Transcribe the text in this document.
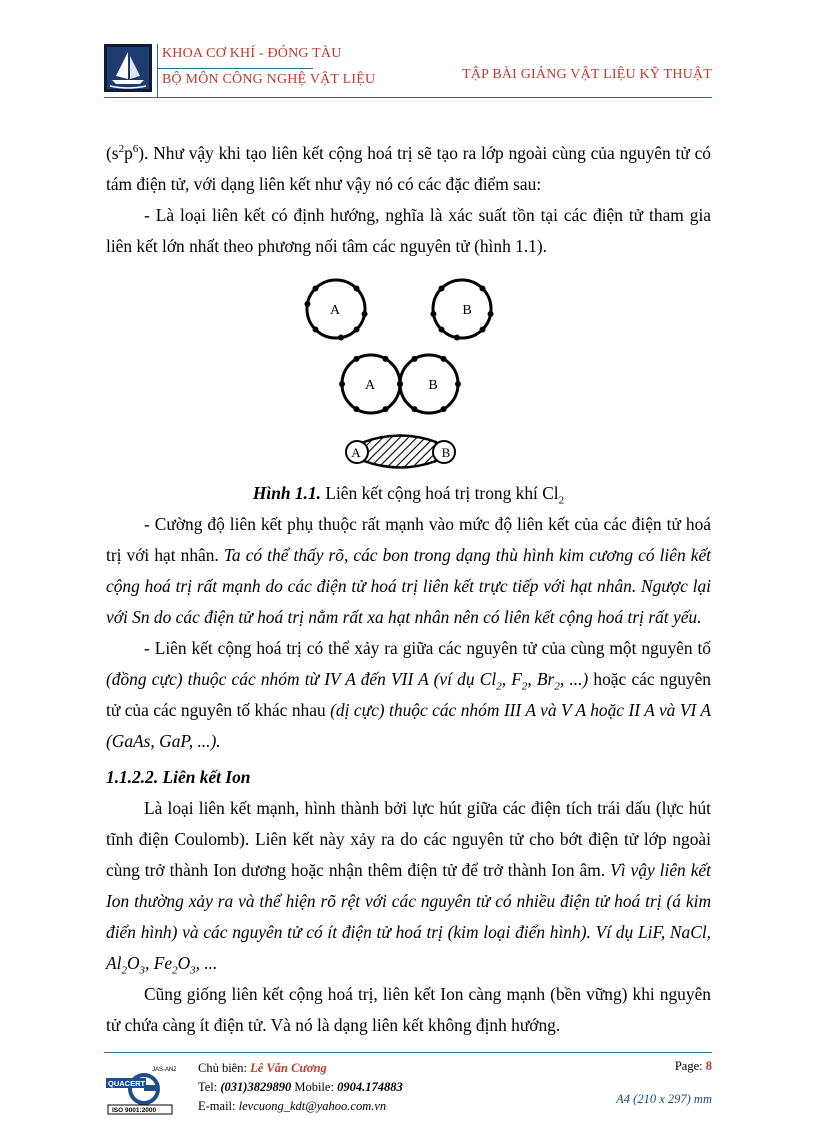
KHOA CƠ KHÍ - ĐÓNG TÀU
BỘ MÔN CÔNG NGHỆ VẬT LIỆU	TẬP BÀI GIẢNG VẬT LIỆU KỸ THUẬT

$(s^2p^6)$. Như vậy khi tạo liên kết cộng hoá trị sẽ tạo ra lớp ngoài cùng của nguyên tử có tám điện tử, với dạng liên kết như vậy nó có các đặc điểm sau:

- Là loại liên kết có định hướng, nghĩa là xác suất tồn tại các điện tử tham gia liên kết lớn nhất theo phương nối tâm các nguyên tử (hình 1.1).

A	B
A	B
A	B
Hình 1.1. Liên kết cộng hoá trị trong khí $Cl_2$

- Cường độ liên kết phụ thuộc rất mạnh vào mức độ liên kết của các điện tử hoá trị với hạt nhân. Ta có thể thấy rõ, các bon trong dạng thù hình kim cương có liên kết cộng hoá trị rất mạnh do các điện tử hoá trị liên kết trực tiếp với hạt nhân. Ngược lại với Sn do các điện tử hoá trị nằm rất xa hạt nhân nên có liên kết cộng hoá trị rất yếu.

- Liên kết cộng hoá trị có thể xảy ra giữa các nguyên tử của cùng một nguyên tố (đồng cực) thuộc các nhóm từ IV A đến VII A (ví dụ $Cl_2$, $F_2$, $Br_2$, ...) hoặc các nguyên tử của các nguyên tố khác nhau (dị cực) thuộc các nhóm III A và V A hoặc II A và VI A (GaAs, GaP, ...).

1.1.2.2. Liên kết Ion

Là loại liên kết mạnh, hình thành bởi lực hút giữa các điện tích trái dấu (lực hút tĩnh điện Coulomb). Liên kết này xảy ra do các nguyên tử cho bớt điện tử lớp ngoài cùng trở thành Ion dương hoặc nhận thêm điện tử để trở thành Ion âm. Vì vậy liên kết Ion thường xảy ra và thể hiện rõ rệt với các nguyên tử có nhiều điện tử hoá trị (á kim điển hình) và các nguyên tử có ít điện tử hoá trị (kim loại điển hình). Ví dụ LiF, NaCl, $Al_2O_3$, $Fe_2O_3$, ...

Cũng giống liên kết cộng hoá trị, liên kết Ion càng mạnh (bền vững) khi nguyên tử chứa càng ít điện tử. Và nó là dạng liên kết không định hướng.

JAS-ANZ
QUACERT
ISO 9001:2000
Chủ biên: Lê Văn Cương
Tel: (031)3829890 Mobile: 0904.174883
E-mail: levcuong_kdt@yahoo.com.vn
Page: 8
A4 (210 x 297) mm
